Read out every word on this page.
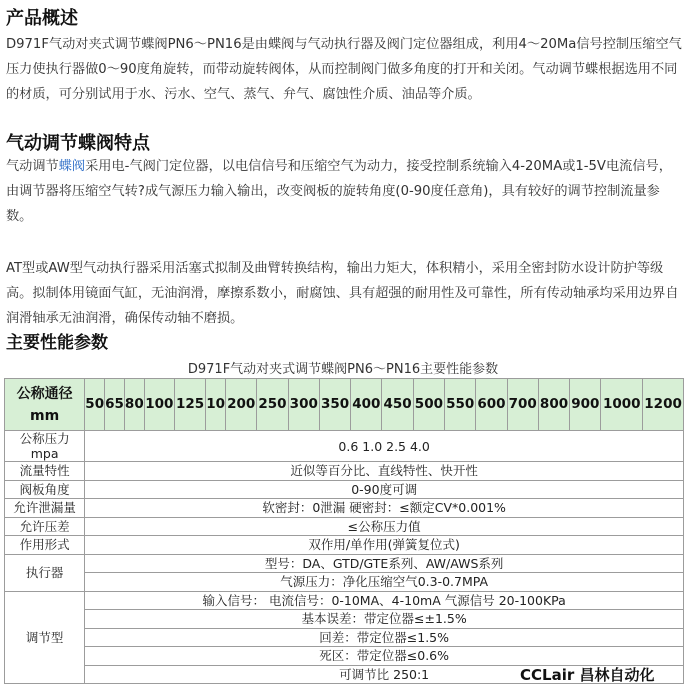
产品概述
D971F气动对夹式调节蝶阀PN6～PN16是由蝶阀与气动执行器及阀门定位器组成，利用4～20Ma信号控制压缩空气压力使执行器做0～90度角旋转，而带动旋转阀体，从而控制阀门做多角度的打开和关闭。气动调节蝶根据选用不同的材质，可分别试用于水、污水、空气、蒸气、弁气、腐蚀性介质、油品等介质。
气动调节蝶阀特点
气动调节蝶阀采用电-气阀门定位器，以电信信号和压缩空气为动力，接受控制系统输入4-20MA或1-5V电流信号，由调节器将压缩空气转?成气源压力输入输出，改变阀板的旋转角度(0-90度任意角)，具有较好的调节控制流量参数。
AT型或AW型气动执行器采用活塞式拟制及曲臂转换结构，输出力矩大，体积精小，采用全密封防水设计防护等级高。拟制体用镜面气缸，无油润滑，摩擦系数小，耐腐蚀、具有超强的耐用性及可靠性，所有传动轴承均采用边界自润滑轴承无油润滑，确保传动轴不磨损。
主要性能参数
D971F气动对夹式调节蝶阀PN6～PN16主要性能参数
公称通径
mm	50	65	80	100	125	10	200	250	300	350	400	450	500	550	600	700	800	900	1000	1200
公称压力
mpa	0.6 1.0 2.5 4.0																			
流量特性	近似等百分比、直线特性、快开性																			
阀板角度	0-90度可调																			
允许泄漏量	软密封：0泄漏 硬密封：≤额定CV*0.001%																			
允许压差	≤公称压力值																			
作用形式	双作用/单作用(弹簧复位式)																			
执行器	型号：DA、GTD/GTE系列、AW/AWS系列																			
	气源压力：净化压缩空气0.3-0.7MPA																			
调节型	输入信号： 电流信号：0-10MA、4-10mA 气源信号 20-100KPa																			
	基本误差：带定位器≤±1.5%																			
	回差：带定位器≤1.5%																			
	死区：带定位器≤0.6%																			
	可调节比 250:1																				CCLair 昌林自动化
